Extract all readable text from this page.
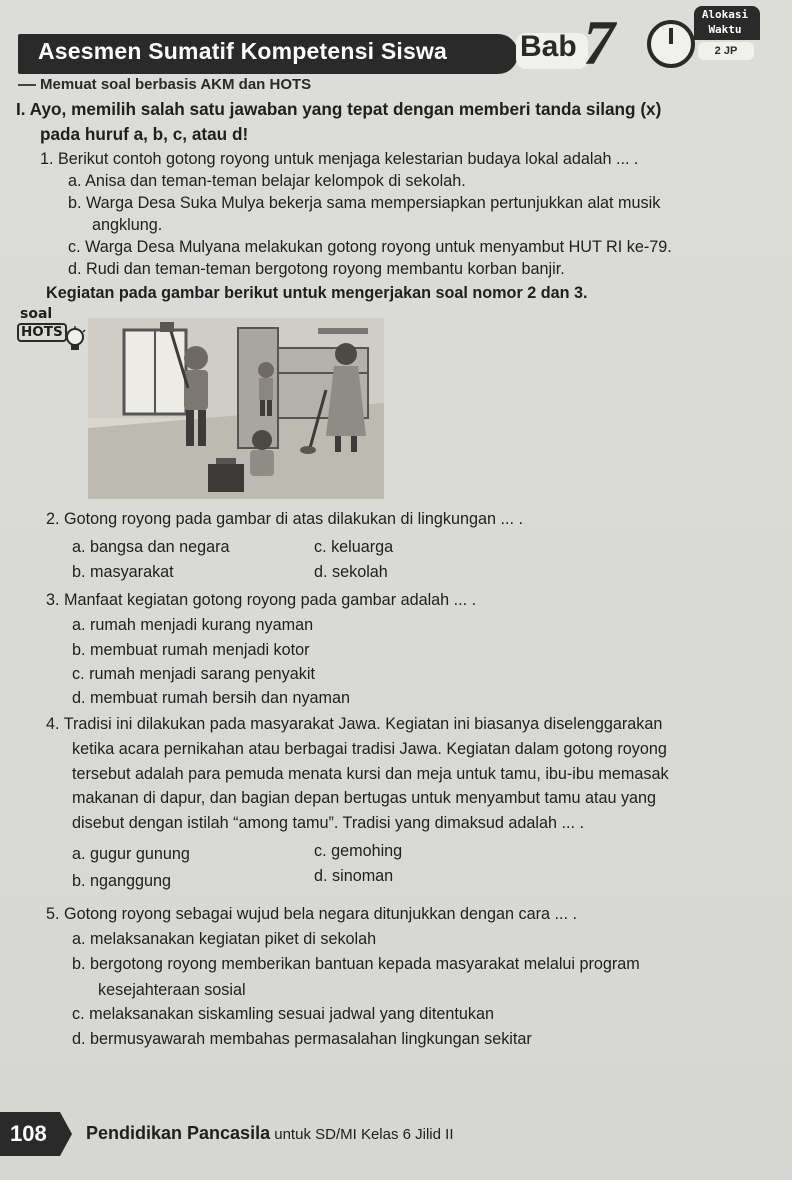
Asesmen Sumatif Kompetensi Siswa Bab 7	Alokasi
Waktu
2 JP
Memuat soal berbasis AKM dan HOTS
I. Ayo, memilih salah satu jawaban yang tepat dengan memberi tanda silang (x)
pada huruf a, b, c, atau d!
1. Berikut contoh gotong royong untuk menjaga kelestarian budaya lokal adalah ... .
a. Anisa dan teman-teman belajar kelompok di sekolah.
b. Warga Desa Suka Mulya bekerja sama mempersiapkan pertunjukkan alat musik
angklung.
c. Warga Desa Mulyana melakukan gotong royong untuk menyambut HUT RI ke-79.
d. Rudi dan teman-teman bergotong royong membantu korban banjir.
Kegiatan pada gambar berikut untuk mengerjakan soal nomor 2 dan 3.
soal
HOTS
2. Gotong royong pada gambar di atas dilakukan di lingkungan ... .
a. bangsa dan negara
b. masyarakat
c. keluarga
d. sekolah
3. Manfaat kegiatan gotong royong pada gambar adalah ... .
a. rumah menjadi kurang nyaman
b. membuat rumah menjadi kotor
c. rumah menjadi sarang penyakit
d. membuat rumah bersih dan nyaman
4. Tradisi ini dilakukan pada masyarakat Jawa. Kegiatan ini biasanya diselenggarakan
ketika acara pernikahan atau berbagai tradisi Jawa. Kegiatan dalam gotong royong
tersebut adalah para pemuda menata kursi dan meja untuk tamu, ibu-ibu memasak
makanan di dapur, dan bagian depan bertugas untuk menyambut tamu atau yang
disebut dengan istilah “among tamu”. Tradisi yang dimaksud adalah ... .
a. gugur gunung
b. nganggung
c. gemohing
d. sinoman
5. Gotong royong sebagai wujud bela negara ditunjukkan dengan cara ... .
a. melaksanakan kegiatan piket di sekolah
b. bergotong royong memberikan bantuan kepada masyarakat melalui program
kesejahteraan sosial
c. melaksanakan siskamling sesuai jadwal yang ditentukan
d. bermusyawarah membahas permasalahan lingkungan sekitar
108 Pendidikan Pancasila untuk SD/MI Kelas 6 Jilid II
